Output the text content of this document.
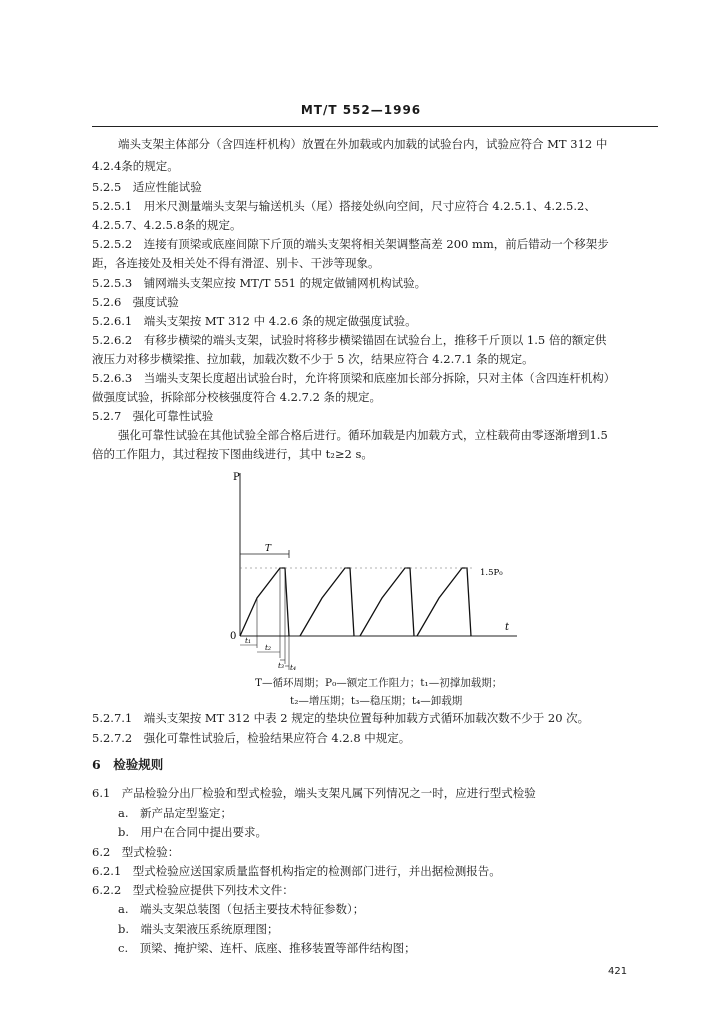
MT/T 552—1996
端头支架主体部分（含四连杆机构）放置在外加载或内加载的试验台内，试验应符合 MT 312 中
4.2.4条的规定。
5.2.5　适应性能试验
5.2.5.1　用米尺测量端头支架与输送机头（尾）搭接处纵向空间，尺寸应符合 4.2.5.1、4.2.5.2、
4.2.5.7、4.2.5.8条的规定。
5.2.5.2　连接有顶梁或底座间隙下斤顶的端头支架将相关架调整高差 200 mm，前后错动一个移架步
距，各连接处及相关处不得有滑涩、别卡、干涉等现象。
5.2.5.3　铺网端头支架应按 MT/T 551 的规定做铺网机构试验。
5.2.6　强度试验
5.2.6.1　端头支架按 MT 312 中 4.2.6 条的规定做强度试验。
5.2.6.2　有移步横梁的端头支架，试验时将移步横梁锚固在试验台上，推移千斤顶以 1.5 倍的额定供
液压力对移步横梁推、拉加载，加载次数不少于 5 次，结果应符合 4.2.7.1 条的规定。
5.2.6.3　当端头支架长度超出试验台时，允许将顶梁和底座加长部分拆除，只对主体（含四连杆机构）
做强度试验，拆除部分校核强度符合 4.2.7.2 条的规定。
5.2.7　强化可靠性试验
强化可靠性试验在其他试验全部合格后进行。循环加载是内加载方式，立柱载荷由零逐渐增到1.5
倍的工作阻力，其过程按下图曲线进行，其中 t₂≥2 s。
P
t
0
1.5P₀
T
t₁
t₂
t₃ t₄
T—循环周期；P₀—额定工作阻力；t₁—初撑加载期；
t₂—增压期；t₃—稳压期；t₄—卸载期
5.2.7.1　端头支架按 MT 312 中表 2 规定的垫块位置每种加载方式循环加载次数不少于 20 次。
5.2.7.2　强化可靠性试验后，检验结果应符合 4.2.8 中规定。
6　检验规则
6.1　产品检验分出厂检验和型式检验，端头支架凡属下列情况之一时，应进行型式检验
a.　新产品定型鉴定；
b.　用户在合同中提出要求。
6.2　型式检验：
6.2.1　型式检验应送国家质量监督机构指定的检测部门进行，并出据检测报告。
6.2.2　型式检验应提供下列技术文件：
a.　端头支架总装图（包括主要技术特征参数）；
b.　端头支架液压系统原理图；
c.　顶梁、掩护梁、连杆、底座、推移装置等部件结构图；
421
